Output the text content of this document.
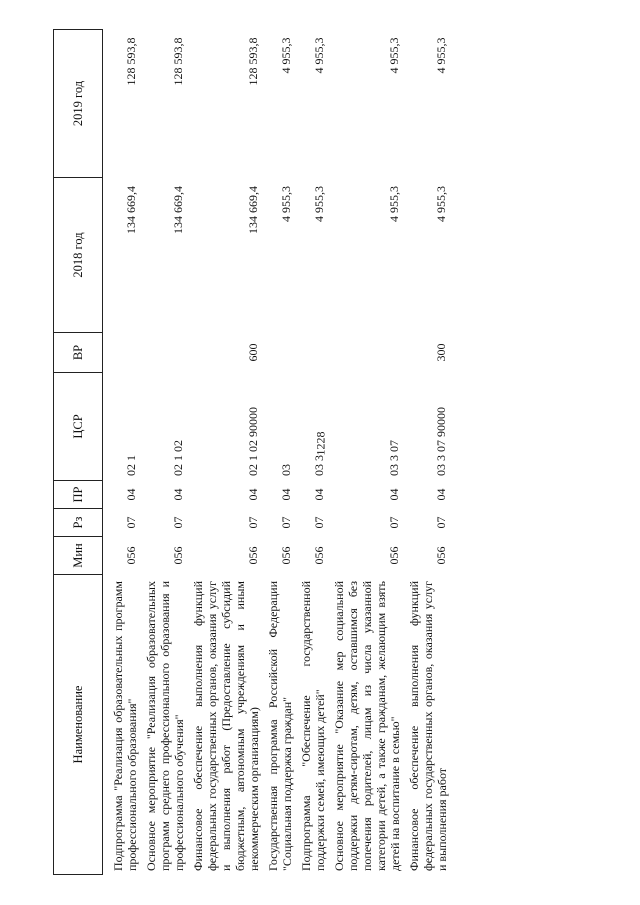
1228
Наименование	Мин	Рз	ПР	ЦСР	ВР	2018 год	2019 год
Подпрограмма "Реализация образовательных программ профессионального образования"	056	07	04	02 1		134 669,4	128 593,8
Основное мероприятие "Реализация образовательных программ среднего профессионального образования и профессионального обучения"	056	07	04	02 1 02		134 669,4	128 593,8
Финансовое обеспечение выполнения функций федеральных государственных органов, оказания услуг и выполнения работ (Предоставление субсидий бюджетным, автономным учреждениям и иным некоммерческим организациям)	056	07	04	02 1 02 90000	600	134 669,4	128 593,8
Государственная программа Российской Федерации "Социальная поддержка граждан"	056	07	04	03		4 955,3	4 955,3
Подпрограмма "Обеспечение государственной поддержки семей, имеющих детей"	056	07	04	03 3		4 955,3	4 955,3
Основное мероприятие "Оказание мер социальной поддержки детям-сиротам, детям, оставшимся без попечения родителей, лицам из числа указанной категории детей, а также гражданам, желающим взять детей на воспитание в семью"	056	07	04	03 3 07		4 955,3	4 955,3
Финансовое обеспечение выполнения функций федеральных государственных органов, оказания услуг и выполнения работ	056	07	04	03 3 07 90000	300	4 955,3	4 955,3
